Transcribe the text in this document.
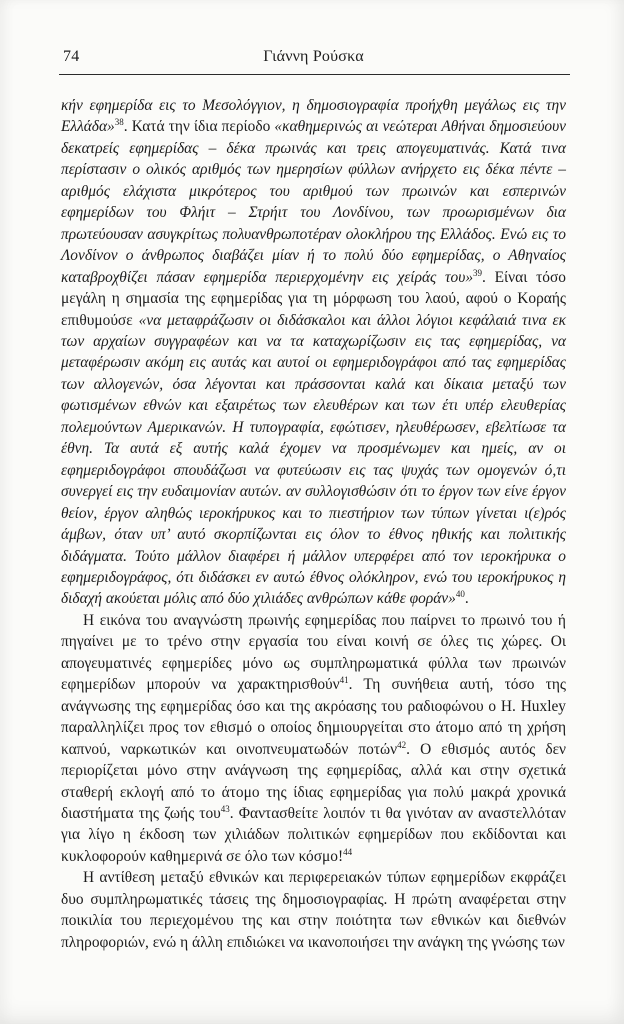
74	Γιάννη Ρούσκα

κήν εφημερίδα εις το Μεσολόγγιον, η δημοσιογραφία προήχθη μεγάλως εις την Ελλάδα»$^{38}$. Κατά την ίδια περίοδο «καθημερινώς αι νεώτεραι Αθήναι δημοσιεύουν δεκατρείς εφημερίδας – δέκα πρωινάς και τρεις απογευματινάς. Κατά τινα περίστασιν ο ολικός αριθμός των ημερησίων φύλλων ανήρχετο εις δέκα πέντε – αριθμός ελάχιστα μικρότερος του αριθμού των πρωινών και εσπερινών εφημερίδων του Φλήιτ – Στρήιτ του Λονδίνου, των προωρισμένων δια πρωτεύουσαν ασυγκρίτως πολυανθρωποτέραν ολοκλήρου της Ελλάδος. Ενώ εις το Λονδίνον ο άνθρωπος διαβάζει μίαν ή το πολύ δύο εφημερίδας, ο Αθηναίος καταβροχθίζει πάσαν εφημερίδα περιερχομένην εις χείράς του»$^{39}$. Είναι τόσο μεγάλη η σημασία της εφημερίδας για τη μόρφωση του λαού, αφού ο Κοραής επιθυμούσε «να μεταφράζωσιν οι διδάσκαλοι και άλλοι λόγιοι κεφάλαιά τινα εκ των αρχαίων συγγραφέων και να τα καταχωρίζωσιν εις τας εφημερίδας, να μεταφέρωσιν ακόμη εις αυτάς και αυτοί οι εφημεριδογράφοι από τας εφημερίδας των αλλογενών, όσα λέγονται και πράσσονται καλά και δίκαια μεταξύ των φωτισμένων εθνών και εξαιρέτως των ελευθέρων και των έτι υπέρ ελευθερίας πολεμούντων Αμερικανών. Η τυπογραφία, εφώτισεν, ηλευθέρωσεν, εβελτίωσε τα έθνη. Τα αυτά εξ αυτής καλά έχομεν να προσμένωμεν και ημείς, αν οι εφημεριδογράφοι σπουδάζωσι να φυτεύωσιν εις τας ψυχάς των ομογενών ό,τι συνεργεί εις την ευδαιμονίαν αυτών. αν συλλογισθώσιν ότι το έργον των είνε έργον θείον, έργον αληθώς ιεροκήρυκος και το πιεστήριον των τύπων γίνεται ι(ε)ρός άμβων, όταν υπ’ αυτό σκορπίζωνται εις όλον το έθνος ηθικής και πολιτικής διδάγματα. Τούτο μάλλον διαφέρει ή μάλλον υπερφέρει από τον ιεροκήρυκα ο εφημεριδογράφος, ότι διδάσκει εν αυτώ έθνος ολόκληρον, ενώ του ιεροκήρυκος η διδαχή ακούεται μόλις από δύο χιλιάδες ανθρώπων κάθε φοράν»$^{40}$.

Η εικόνα του αναγνώστη πρωινής εφημερίδας που παίρνει το πρωινό του ή πηγαίνει με το τρένο στην εργασία του είναι κοινή σε όλες τις χώρες. Οι απογευματινές εφημερίδες μόνο ως συμπληρωματικά φύλλα των πρωινών εφημερίδων μπορούν να χαρακτηρισθούν$^{41}$. Τη συνήθεια αυτή, τόσο της ανάγνωσης της εφημερίδας όσο και της ακρόασης του ραδιοφώνου ο H. Huxley παραλληλίζει προς τον εθισμό ο οποίος δημιουργείται στο άτομο από τη χρήση καπνού, ναρκωτικών και οινοπνευματωδών ποτών$^{42}$. Ο εθισμός αυτός δεν περιορίζεται μόνο στην ανάγνωση της εφημερίδας, αλλά και στην σχετικά σταθερή εκλογή από το άτομο της ίδιας εφημερίδας για πολύ μακρά χρονικά διαστήματα της ζωής του$^{43}$. Φαντασθείτε λοιπόν τι θα γινόταν αν αναστελλόταν για λίγο η έκδοση των χιλιάδων πολιτικών εφημερίδων που εκδίδονται και κυκλοφορούν καθημερινά σε όλο των κόσμο!$^{44}$

Η αντίθεση μεταξύ εθνικών και περιφερειακών τύπων εφημερίδων εκφράζει δυο συμπληρωματικές τάσεις της δημοσιογραφίας. Η πρώτη αναφέρεται στην ποικιλία του περιεχομένου της και στην ποιότητα των εθνικών και διεθνών πληροφοριών, ενώ η άλλη επιδιώκει να ικανοποιήσει την ανάγκη της γνώσης των
